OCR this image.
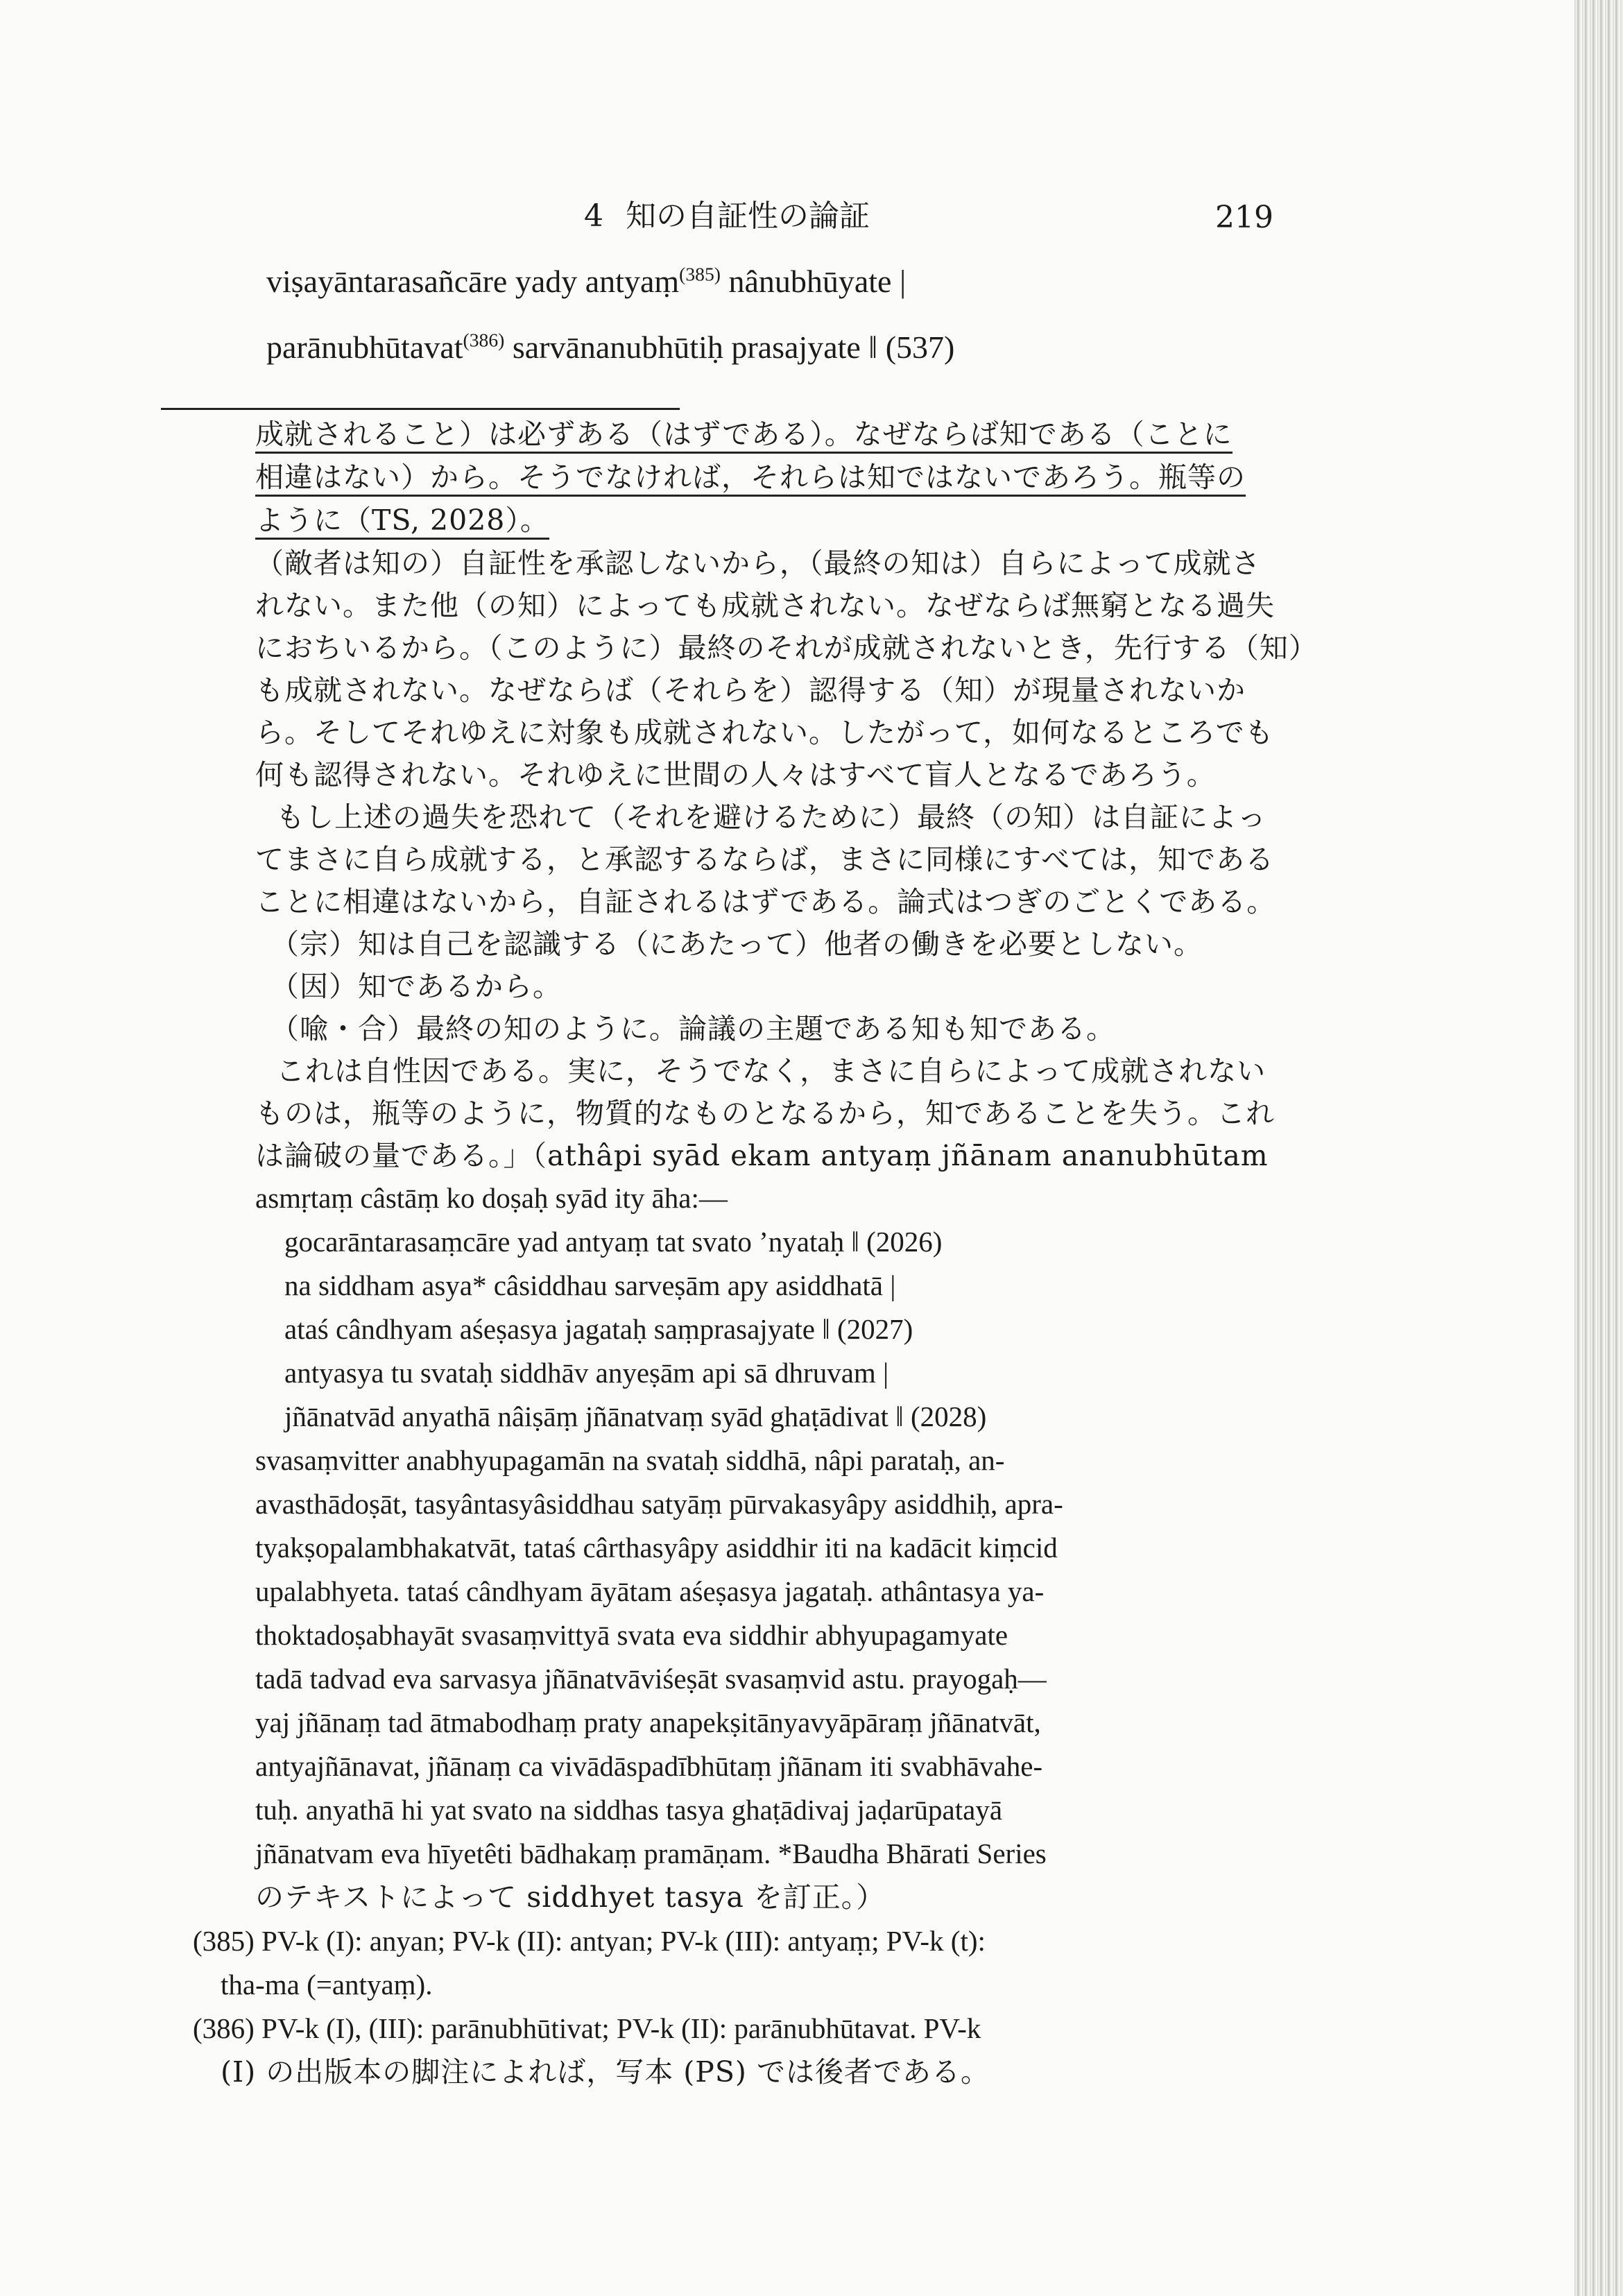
4 知の自証性の論証	219
viṣayāntarasañcāre yady antyaṃ$^{(385)}$ nânubhūyate |
parānubhūtavat$^{(386)}$ sarvānanubhūtiḥ prasajyate ‖ (537)
成就されること）は必ずある（はずである）。なぜならば知である（ことに
相違はない）から。そうでなければ，それらは知ではないであろう。瓶等の
ように（TS, 2028）。
（敵者は知の）自証性を承認しないから，（最終の知は）自らによって成就さ
れない。また他（の知）によっても成就されない。なぜならば無窮となる過失
におちいるから。（このように）最終のそれが成就されないとき，先行する（知）
も成就されない。なぜならば（それらを）認得する（知）が現量されないか
ら。そしてそれゆえに対象も成就されない。したがって，如何なるところでも
何も認得されない。それゆえに世間の人々はすべて盲人となるであろう。
もし上述の過失を恐れて（それを避けるために）最終（の知）は自証によっ
てまさに自ら成就する，と承認するならば，まさに同様にすべては，知である
ことに相違はないから，自証されるはずである。論式はつぎのごとくである。
（宗）知は自己を認識する（にあたって）他者の働きを必要としない。
（因）知であるから。
（喩・合）最終の知のように。論議の主題である知も知である。
これは自性因である。実に，そうでなく，まさに自らによって成就されない
ものは，瓶等のように，物質的なものとなるから，知であることを失う。これ
は論破の量である。」（athâpi syād ekam antyaṃ jñānam ananubhūtam
asmṛtaṃ câstāṃ ko doṣaḥ syād ity āha:—
gocarāntarasaṃcāre yad antyaṃ tat svato ’nyataḥ ‖ (2026)
na siddham asya* câsiddhau sarveṣām apy asiddhatā |
ataś cândhyam aśeṣasya jagataḥ saṃprasajyate ‖ (2027)
antyasya tu svataḥ siddhāv anyeṣām api sā dhruvam |
jñānatvād anyathā nâiṣāṃ jñānatvaṃ syād ghaṭādivat ‖ (2028)
svasaṃvitter anabhyupagamān na svataḥ siddhā, nâpi parataḥ, an-
avasthādoṣāt, tasyântasyâsiddhau satyāṃ pūrvakasyâpy asiddhiḥ, apra-
tyakṣopalambhakatvāt, tataś cârthasyâpy asiddhir iti na kadācit kiṃcid
upalabhyeta. tataś cândhyam āyātam aśeṣasya jagataḥ. athântasya ya-
thoktadoṣabhayāt svasaṃvittyā svata eva siddhir abhyupagamyate
tadā tadvad eva sarvasya jñānatvāviśeṣāt svasaṃvid astu. prayogaḥ—
yaj jñānaṃ tad ātmabodhaṃ praty anapekṣitānyavyāpāraṃ jñānatvāt,
antyajñānavat, jñānaṃ ca vivādāspadībhūtaṃ jñānam iti svabhāvahe-
tuḥ. anyathā hi yat svato na siddhas tasya ghaṭādivaj jaḍarūpatayā
jñānatvam eva hīyetêti bādhakaṃ pramāṇam. *Baudha Bhārati Series
のテキストによって siddhyet tasya を訂正。）
(385) PV-k (I): anyan; PV-k (II): antyan; PV-k (III): antyaṃ; PV-k (t):
tha-ma (=antyaṃ).
(386) PV-k (I), (III): parānubhūtivat; PV-k (II): parānubhūtavat. PV-k
(I) の出版本の脚注によれば，写本 (PS) では後者である。
